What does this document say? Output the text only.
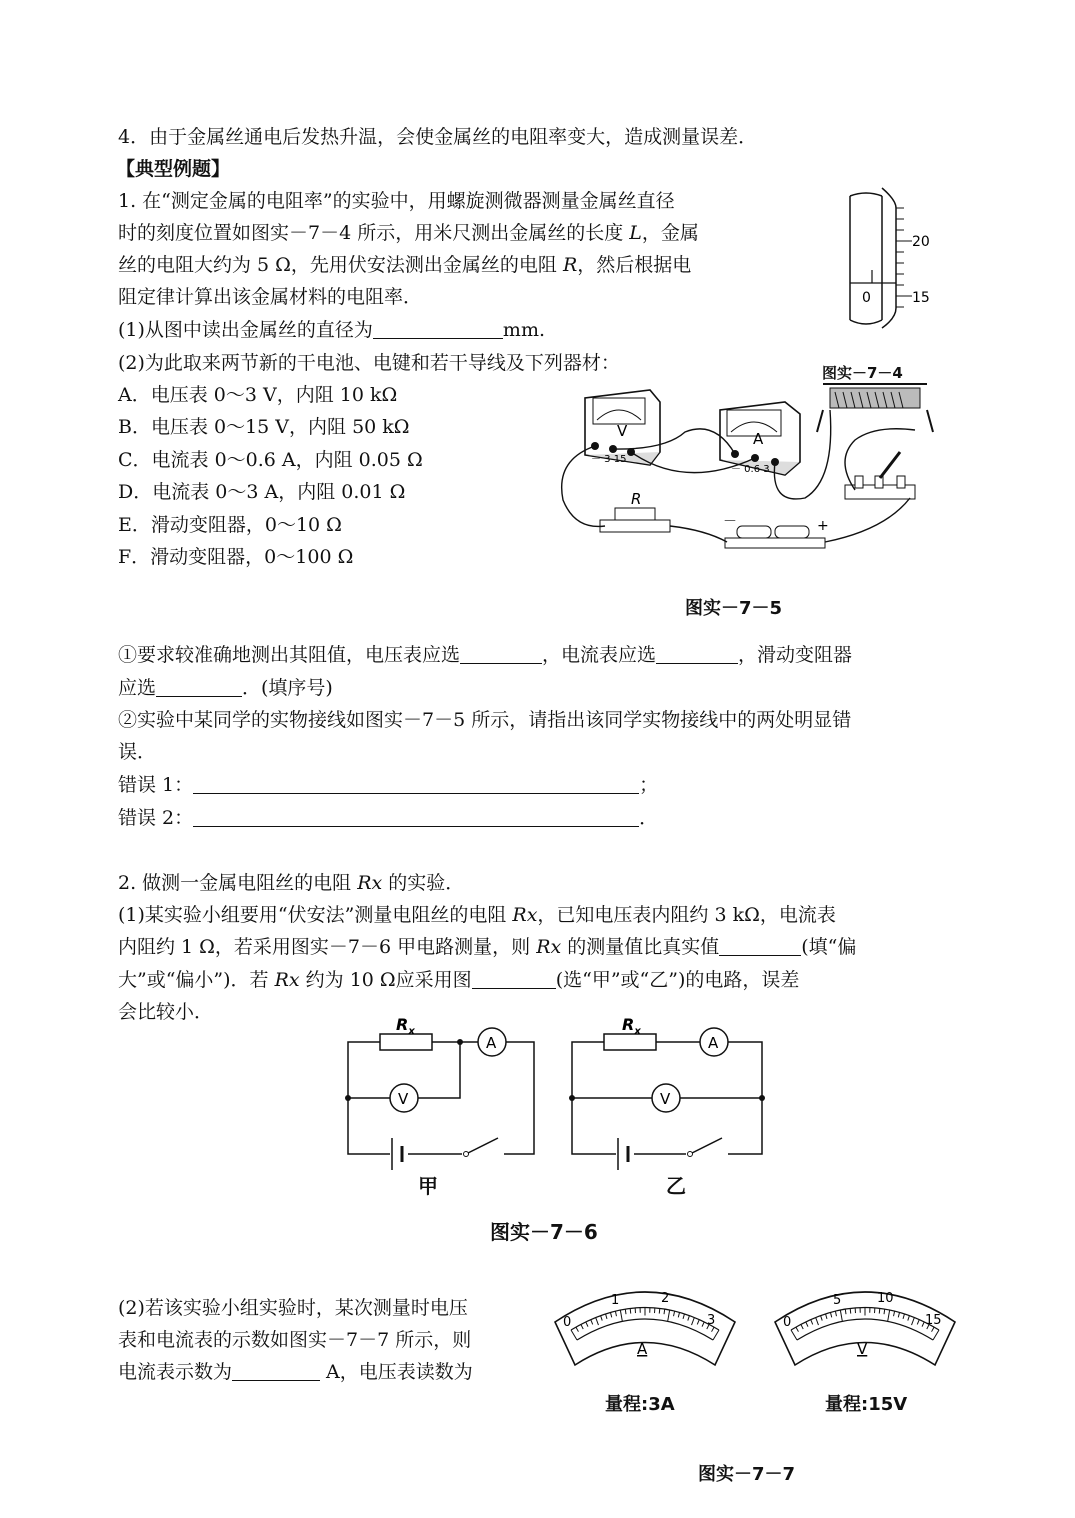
4．由于金属丝通电后发热升温，会使金属丝的电阻率变大，造成测量误差．
【典型例题】
1. 在“测定金属的电阻率”的实验中，用螺旋测微器测量金属丝直径
时的刻度位置如图实－7－4 所示，用米尺测出金属丝的长度 L，金属
丝的电阻大约为 5 Ω，先用伏安法测出金属丝的电阻 R，然后根据电
阻定律计算出该金属材料的电阻率．
(1)从图中读出金属丝的直径为	mm.
(2)为此取来两节新的干电池、电键和若干导线及下列器材：
A．电压表 0～3 V，内阻 10 kΩ
B．电压表 0～15 V，内阻 50 kΩ
C．电流表 0～0.6 A，内阻 0.05 Ω
D．电流表 0～3 A，内阻 0.01 Ω
E．滑动变阻器，0～10 Ω
F．滑动变阻器，0～100 Ω
20
0	15
图实－7－4
V
－ 3 15
A
－ 0.6 3
R
－	+
图实－7－5
①要求较准确地测出其阻值，电压表应选	，电流表应选	，滑动变阻器
应选	．(填序号)
②实验中某同学的实物接线如图实－7－5 所示，请指出该同学实物接线中的两处明显错
误．
错误 1：	；
错误 2：	．
2. 做测一金属电阻丝的电阻 Rx 的实验．
(1)某实验小组要用“伏安法”测量电阻丝的电阻 Rx，已知电压表内阻约 3 kΩ，电流表
内阻约 1 Ω，若采用图实－7－6 甲电路测量，则 Rx 的测量值比真实值	(填“偏
大”或“偏小”)．若 Rx 约为 10 Ω应采用图	(选“甲”或“乙”)的电路，误差
会比较小．
$R_x$
A
V
$R_x$
A
V
甲	乙
图实－7－6
(2)若该实验小组实验时，某次测量时电压
表和电流表的示数如图实－7－7 所示，则
电流表示数为	A，电压表读数为
0
1	2
3
A
0
5	10
15
V
量程:3A	量程:15V
图实－7－7
